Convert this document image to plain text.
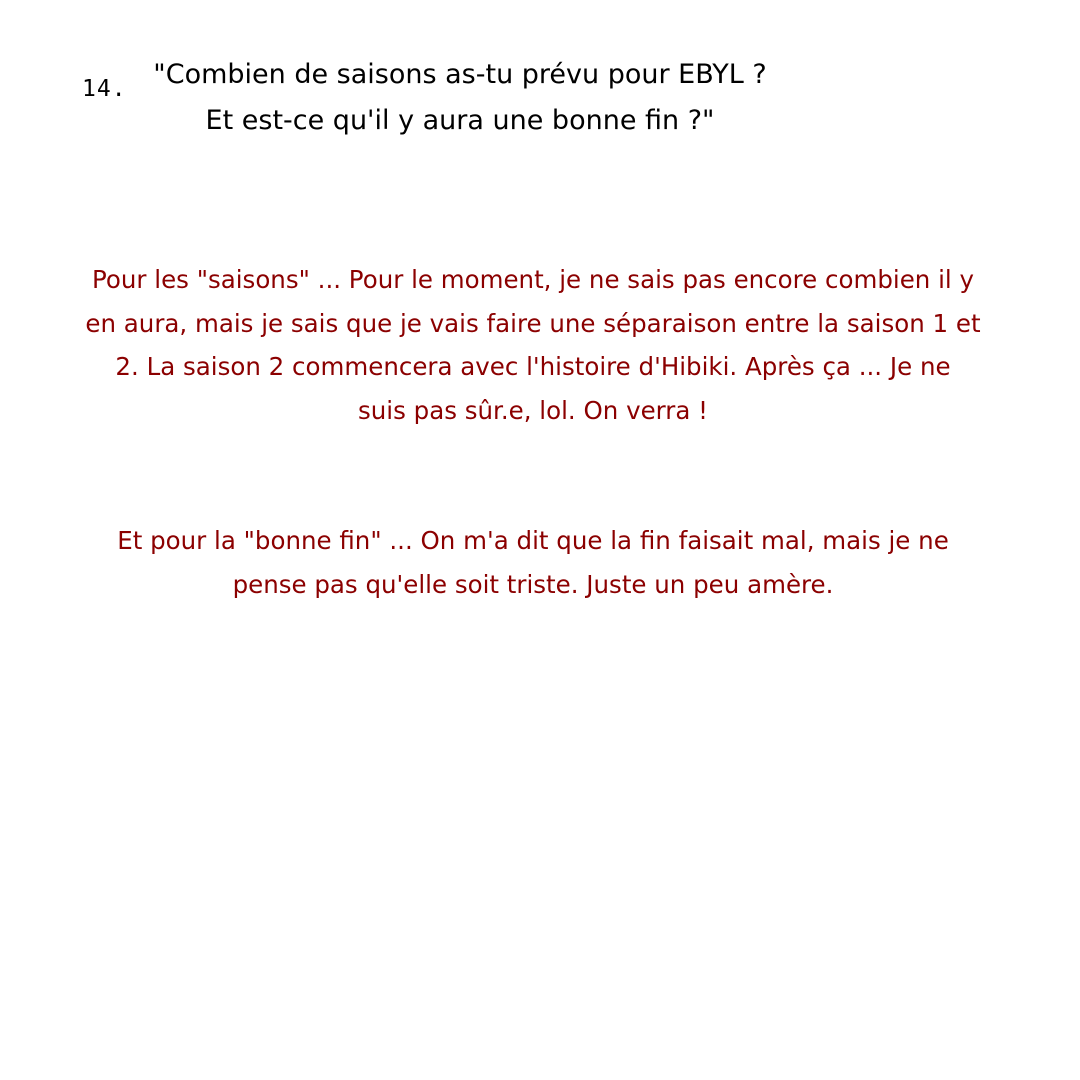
14. "Combien de saisons as-tu prévu pour EBYL ?
Et est-ce qu'il y aura une bonne fin ?"
Pour les "saisons" ... Pour le moment, je ne sais pas encore combien il y
en aura, mais je sais que je vais faire une séparaison entre la saison 1 et
2. La saison 2 commencera avec l'histoire d'Hibiki. Après ça ... Je ne
suis pas sûr.e, lol. On verra !
Et pour la "bonne fin" ... On m'a dit que la fin faisait mal, mais je ne
pense pas qu'elle soit triste. Juste un peu amère.
